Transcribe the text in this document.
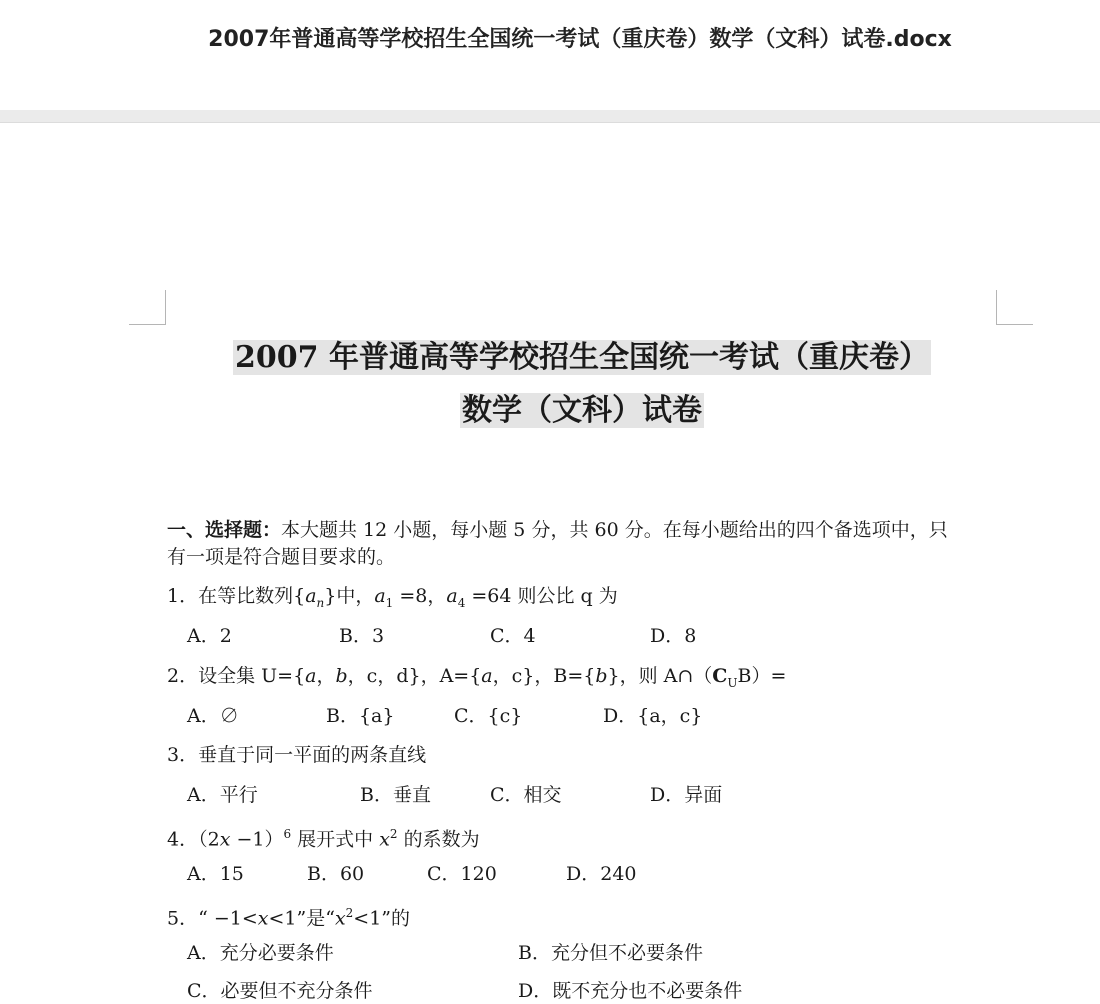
2007年普通高等学校招生全国统一考试（重庆卷）数学（文科）试卷.docx
2007 年普通高等学校招生全国统一考试（重庆卷）
数学（文科）试卷
一、选择题：本大题共 12 小题，每小题 5 分，共 60 分。在每小题给出的四个备选项中，只
有一项是符合题目要求的。
1．在等比数列$\{a_n\}$中，$a_1 =8$，$a_4 =64$ 则公比 q 为
A．2	B．3	C．4	D．8
2．设全集 U={a，b，c，d}，A={a，c}，B={b}，则 $A\cap(C_UB)=$
A．∅	B．{a}	C．{c}	D．{a，c}
3．垂直于同一平面的两条直线
A．平行	B．垂直	C．相交	D．异面
4．$(2x -1)^6$ 展开式中 $x^2$ 的系数为
A．15	B．60	C．120	D．240
5．“ −1<x<1”是“$x^2<1$”的
A．充分必要条件	B．充分但不必要条件
C．必要但不充分条件	D．既不充分也不必要条件
